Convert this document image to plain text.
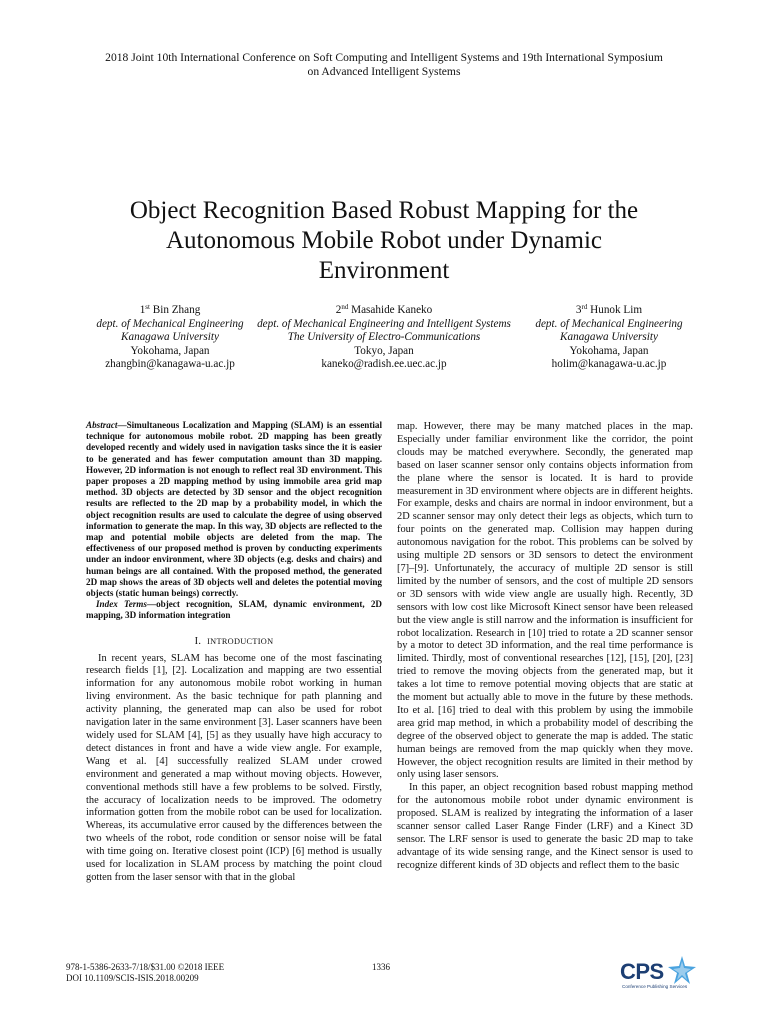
2018 Joint 10th International Conference on Soft Computing and Intelligent Systems and 19th International Symposium
on Advanced Intelligent Systems
Object Recognition Based Robust Mapping for the
Autonomous Mobile Robot under Dynamic
Environment
1st Bin Zhang
dept. of Mechanical Engineering
Kanagawa University
Yokohama, Japan
zhangbin@kanagawa-u.ac.jp
2nd Masahide Kaneko
dept. of Mechanical Engineering and Intelligent Systems
The University of Electro-Communications
Tokyo, Japan
kaneko@radish.ee.uec.ac.jp
3rd Hunok Lim
dept. of Mechanical Engineering
Kanagawa University
Yokohama, Japan
holim@kanagawa-u.ac.jp

Abstract—Simultaneous Localization and Mapping (SLAM) is an essential technique for autonomous mobile robot. 2D mapping has been greatly developed recently and widely used in navigation tasks since the it is easier to be generated and has fewer computation amount than 3D mapping. However, 2D information is not enough to reflect real 3D environment. This paper proposes a 2D mapping method by using immobile area grid map method. 3D objects are detected by 3D sensor and the object recognition results are reflected to the 2D map by a probability model, in which the object recognition results are used to calculate the degree of using observed information to generate the map. In this way, 3D objects are reflected to the map and potential mobile objects are deleted from the map. The effectiveness of our proposed method is proven by conducting experiments under an indoor environment, where 3D objects (e.g. desks and chairs) and human beings are all contained. With the proposed method, the generated 2D map shows the areas of 3D objects well and deletes the potential moving objects (static human beings) correctly.

Index Terms—object recognition, SLAM, dynamic environment, 2D mapping, 3D information integration

I. INTRODUCTION

In recent years, SLAM has become one of the most fascinating research fields [1], [2]. Localization and mapping are two essential information for any autonomous mobile robot working in human living environment. As the basic technique for path planning and activity planning, the generated map can also be used for robot navigation later in the same environment [3]. Laser scanners have been widely used for SLAM [4], [5] as they usually have high accuracy to detect distances in front and have a wide view angle. For example, Wang et al. [4] successfully realized SLAM under crowed environment and generated a map without moving objects. However, conventional methods still have a few problems to be solved. Firstly, the accuracy of localization needs to be improved. The odometry information gotten from the mobile robot can be used for localization. Whereas, its accumulative error caused by the differences between the two wheels of the robot, rode condition or sensor noise will be fatal with time going on. Iterative closest point (ICP) [6] method is usually used for localization in SLAM process by matching the point cloud gotten from the laser sensor with that in the global

map. However, there may be many matched places in the map. Especially under familiar environment like the corridor, the point clouds may be matched everywhere. Secondly, the generated map based on laser scanner sensor only contains objects information from the plane where the sensor is located. It is hard to provide measurement in 3D environment where objects are in different heights. For example, desks and chairs are normal in indoor environment, but a 2D scanner sensor may only detect their legs as objects, which turn to four points on the generated map. Collision may happen during autonomous navigation for the robot. This problems can be solved by using multiple 2D sensors or 3D sensors to detect the environment [7]–[9]. Unfortunately, the accuracy of multiple 2D sensor is still limited by the number of sensors, and the cost of multiple 2D sensors or 3D sensors with wide view angle are usually high. Recently, 3D sensors with low cost like Microsoft Kinect sensor have been released but the view angle is still narrow and the information is insufficient for robot localization. Research in [10] tried to rotate a 2D scanner sensor by a motor to detect 3D information, and the real time performance is limited. Thirdly, most of conventional researches [12], [15], [20], [23] tried to remove the moving objects from the generated map, but it takes a lot time to remove potential moving objects that are static at the moment but actually able to move in the future by these methods. Ito et al. [16] tried to deal with this problem by using the immobile area grid map method, in which a probability model of describing the degree of the observed object to generate the map is added. The static human beings are removed from the map quickly when they move. However, the object recognition results are limited in their method by only using laser sensors.

In this paper, an object recognition based robust mapping method for the autonomous mobile robot under dynamic environment is proposed. SLAM is realized by integrating the information of a laser scanner sensor called Laser Range Finder (LRF) and a Kinect 3D sensor. The LRF sensor is used to generate the basic 2D map to take advantage of its wide sensing range, and the Kinect sensor is used to recognize different kinds of 3D objects and reflect them to the basic

978-1-5386-2633-7/18/$31.00 ©2018 IEEE
DOI 10.1109/SCIS-ISIS.2018.00209
1336	CPS
Conference Publishing Services
